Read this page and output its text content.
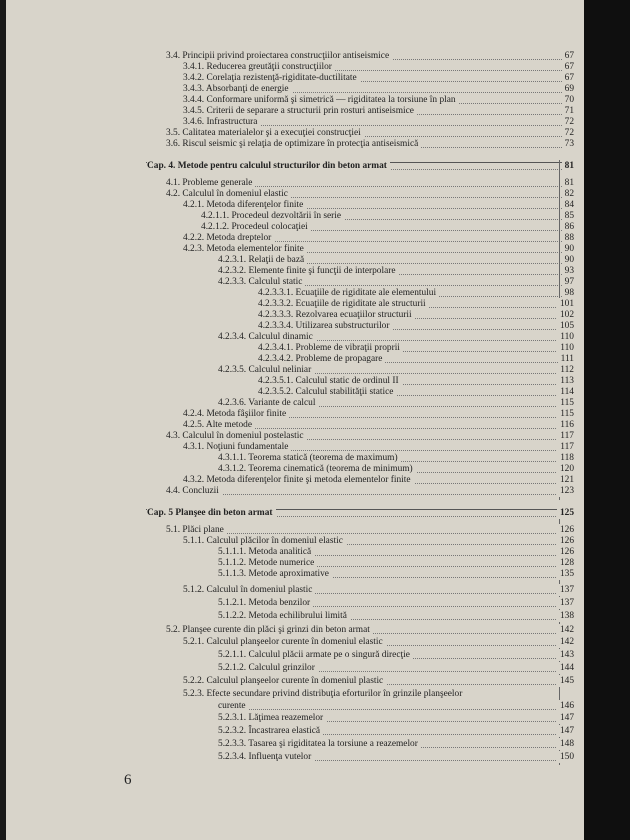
3.4. Principii privind proiectarea construcţiilor antiseismice	67
3.4.1. Reducerea greutăţii construcţiilor	67
3.4.2. Corelaţia rezistenţă-rigiditate-ductilitate	67
3.4.3. Absorbanţi de energie	69
3.4.4. Conformare uniformă şi simetrică — rigiditatea la torsiune în plan	70
3.4.5. Criterii de separare a structurii prin rosturi antiseismice	71
3.4.6. Infrastructura	72
3.5. Calitatea materialelor şi a execuţiei construcţiei	72
3.6. Riscul seismic şi relaţia de optimizare în protecţia antiseismică	73
Cap. 4. Metode pentru calculul structurilor din beton armat	81
4.1. Probleme generale	81
4.2. Calculul în domeniul elastic	82
4.2.1. Metoda diferenţelor finite	84
4.2.1.1. Procedeul dezvoltării în serie	85
4.2.1.2. Procedeul colocaţiei	86
4.2.2. Metoda dreptelor	88
4.2.3. Metoda elementelor finite	90
4.2.3.1. Relaţii de bază	90
4.2.3.2. Elemente finite şi funcţii de interpolare	93
4.2.3.3. Calculul static	97
4.2.3.3.1. Ecuaţiile de rigiditate ale elementului	98
4.2.3.3.2. Ecuaţiile de rigiditate ale structurii	101
4.2.3.3.3. Rezolvarea ecuaţiilor structurii	102
4.2.3.3.4. Utilizarea substructurilor	105
4.2.3.4. Calculul dinamic	110
4.2.3.4.1. Probleme de vibraţii proprii	110
4.2.3.4.2. Probleme de propagare	111
4.2.3.5. Calculul neliniar	112
4.2.3.5.1. Calculul static de ordinul II	113
4.2.3.5.2. Calculul stabilităţii statice	114
4.2.3.6. Variante de calcul	115
4.2.4. Metoda fâşiilor finite	115
4.2.5. Alte metode	116
4.3. Calculul în domeniul postelastic	117
4.3.1. Noţiuni fundamentale	117
4.3.1.1. Teorema statică (teorema de maximum)	118
4.3.1.2. Teorema cinematică (teorema de minimum)	120
4.3.2. Metoda diferenţelor finite şi metoda elementelor finite	121
4.4. Concluzii	123
Cap. 5 Planşee din beton armat	125
5.1. Plăci plane	126
5.1.1. Calculul plăcilor în domeniul elastic	126
5.1.1.1. Metoda analitică	126
5.1.1.2. Metode numerice	128
5.1.1.3. Metode aproximative	135
5.1.2. Calculul în domeniul plastic	137
5.1.2.1. Metoda benzilor	137
5.1.2.2. Metoda echilibrului limită	138
5.2. Planşee curente din plăci şi grinzi din beton armat	142
5.2.1. Calculul planşeelor curente în domeniul elastic	142
5.2.1.1. Calculul plăcii armate pe o singură direcţie	143
5.2.1.2. Calculul grinzilor	144
5.2.2. Calculul planşeelor curente în domeniul plastic	145
5.2.3. Efecte secundare privind distribuţia eforturilor în grinzile planşeelor
curente	146
5.2.3.1. Lăţimea reazemelor	147
5.2.3.2. Încastrarea elastică	147
5.2.3.3. Tasarea şi rigiditatea la torsiune a reazemelor	148
5.2.3.4. Influenţa vutelor	150
6
